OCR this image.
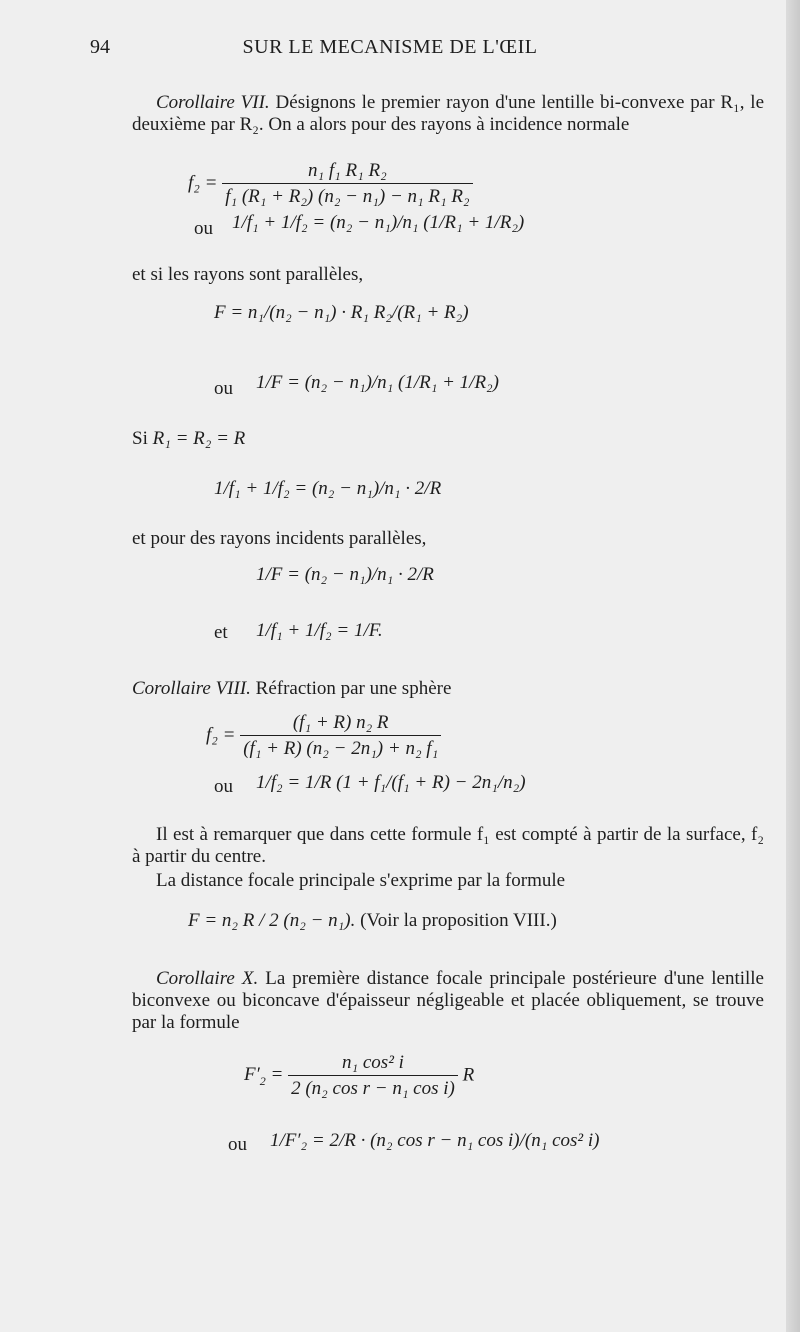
94	SUR LE MECANISME DE L'ŒIL

Corollaire VII. Désignons le premier rayon d'une lentille bi-convexe par R₁, le deuxième par R₂. On a alors pour des rayons à incidence normale

$f_2 = \frac{\text{n₁ f₁ R₁ R₂}}{\text{f₁ (R₁ + R₂) (n₂ − n₁) − n₁ R₁ R₂}}$
ou 1/f₁ + 1/f₂ = (n₂ − n₁)/n₁ (1/R₁ + 1/R₂)

et si les rayons sont parallèles,

F = n₁/(n₂ − n₁) · R₁ R₂/(R₁ + R₂)
ou 1/F = (n₂ − n₁)/n₁ (1/R₁ + 1/R₂)
Si R₁ = R₂ = R
1/f₁ + 1/f₂ = (n₂ − n₁)/n₁ · 2/R

et pour des rayons incidents parallèles,

1/F = (n₂ − n₁)/n₁ · 2/R
et 1/f₁ + 1/f₂ = 1/F.

Corollaire VIII. Réfraction par une sphère

$f_2 = \frac{\text{(f₁ + R) n₂ R}}{\text{(f₁ + R) (n₂ − 2n₁) + n₂ f₁}}$
ou 1/f₂ = 1/R (1 + f₁/(f₁ + R) − 2n₁/n₂)

Il est à remarquer que dans cette formule f₁ est compté à partir de la surface, f₂ à partir du centre.

La distance focale principale s'exprime par la formule

F = n₂ R / 2 (n₂ − n₁). (Voir la proposition VIII.)

Corollaire X. La première distance focale principale postérieure d'une lentille biconvexe ou biconcave d'épaisseur négligeable et placée obliquement, se trouve par la formule

$F'_2 = \frac{\text{n₁ cos² i}}{\text{2 (n₂ cos r − n₁ cos i)}}$ R
ou 1/F′₂ = 2/R · (n₂ cos r − n₁ cos i)/(n₁ cos² i)
